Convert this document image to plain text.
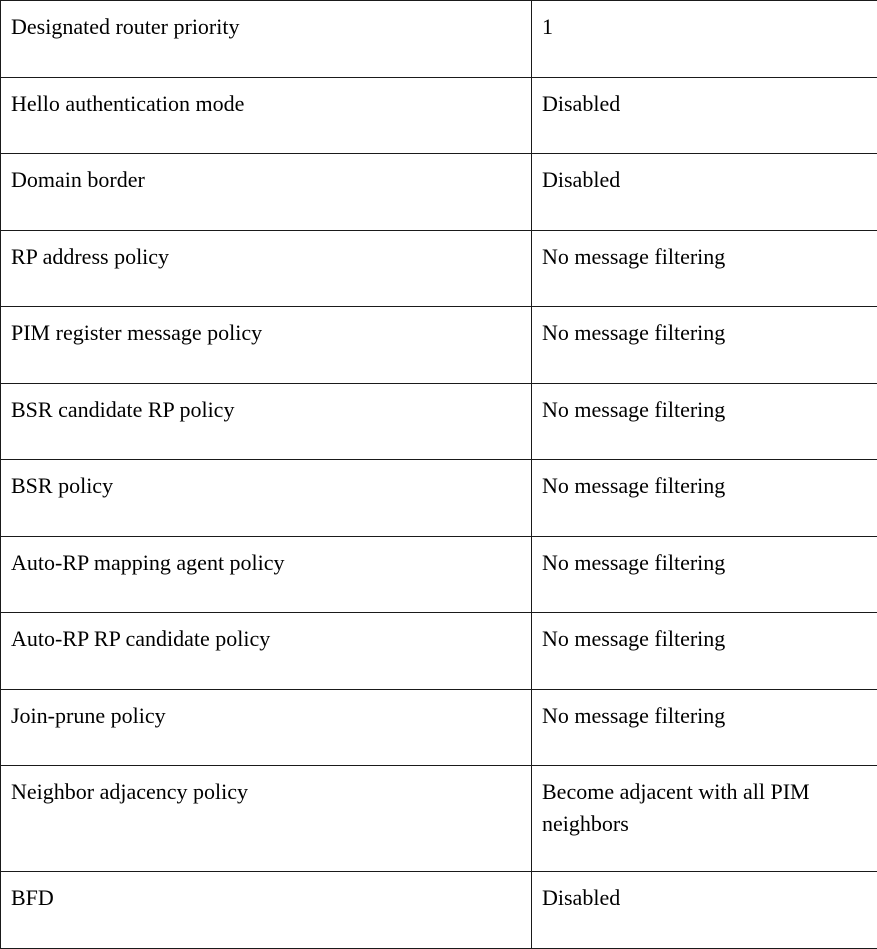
Designated router priority	1
Hello authentication mode	Disabled
Domain border	Disabled
RP address policy	No message filtering
PIM register message policy	No message filtering
BSR candidate RP policy	No message filtering
BSR policy	No message filtering
Auto-RP mapping agent policy	No message filtering
Auto-RP RP candidate policy	No message filtering
Join-prune policy	No message filtering
Neighbor adjacency policy	Become adjacent with all PIM neighbors
BFD	Disabled
